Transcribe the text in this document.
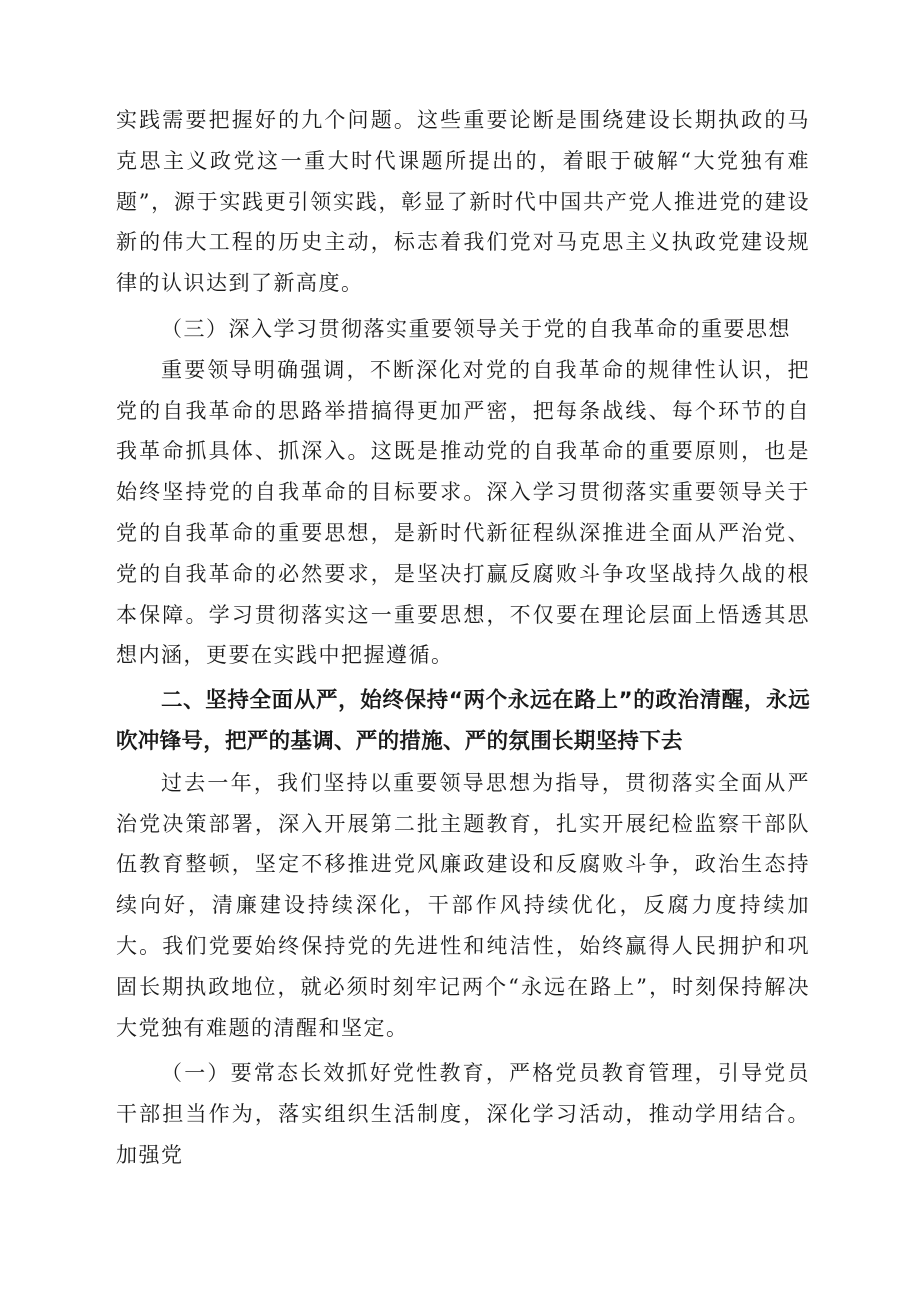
实践需要把握好的九个问题。这些重要论断是围绕建设长期执政的马克思主义政党这一重大时代课题所提出的，着眼于破解“大党独有难题”，源于实践更引领实践，彰显了新时代中国共产党人推进党的建设新的伟大工程的历史主动，标志着我们党对马克思主义执政党建设规律的认识达到了新高度。

（三）深入学习贯彻落实重要领导关于党的自我革命的重要思想

重要领导明确强调，不断深化对党的自我革命的规律性认识，把党的自我革命的思路举措搞得更加严密，把每条战线、每个环节的自我革命抓具体、抓深入。这既是推动党的自我革命的重要原则，也是始终坚持党的自我革命的目标要求。深入学习贯彻落实重要领导关于党的自我革命的重要思想，是新时代新征程纵深推进全面从严治党、党的自我革命的必然要求，是坚决打赢反腐败斗争攻坚战持久战的根本保障。学习贯彻落实这一重要思想，不仅要在理论层面上悟透其思想内涵，更要在实践中把握遵循。

二、坚持全面从严，始终保持“两个永远在路上”的政治清醒，永远吹冲锋号，把严的基调、严的措施、严的氛围长期坚持下去

过去一年，我们坚持以重要领导思想为指导，贯彻落实全面从严治党决策部署，深入开展第二批主题教育，扎实开展纪检监察干部队伍教育整顿，坚定不移推进党风廉政建设和反腐败斗争，政治生态持续向好，清廉建设持续深化，干部作风持续优化，反腐力度持续加大。我们党要始终保持党的先进性和纯洁性，始终赢得人民拥护和巩固长期执政地位，就必须时刻牢记两个“永远在路上”，时刻保持解决大党独有难题的清醒和坚定。

（一）要常态长效抓好党性教育，严格党员教育管理，引导党员干部担当作为，落实组织生活制度，深化学习活动，推动学用结合。加强党
